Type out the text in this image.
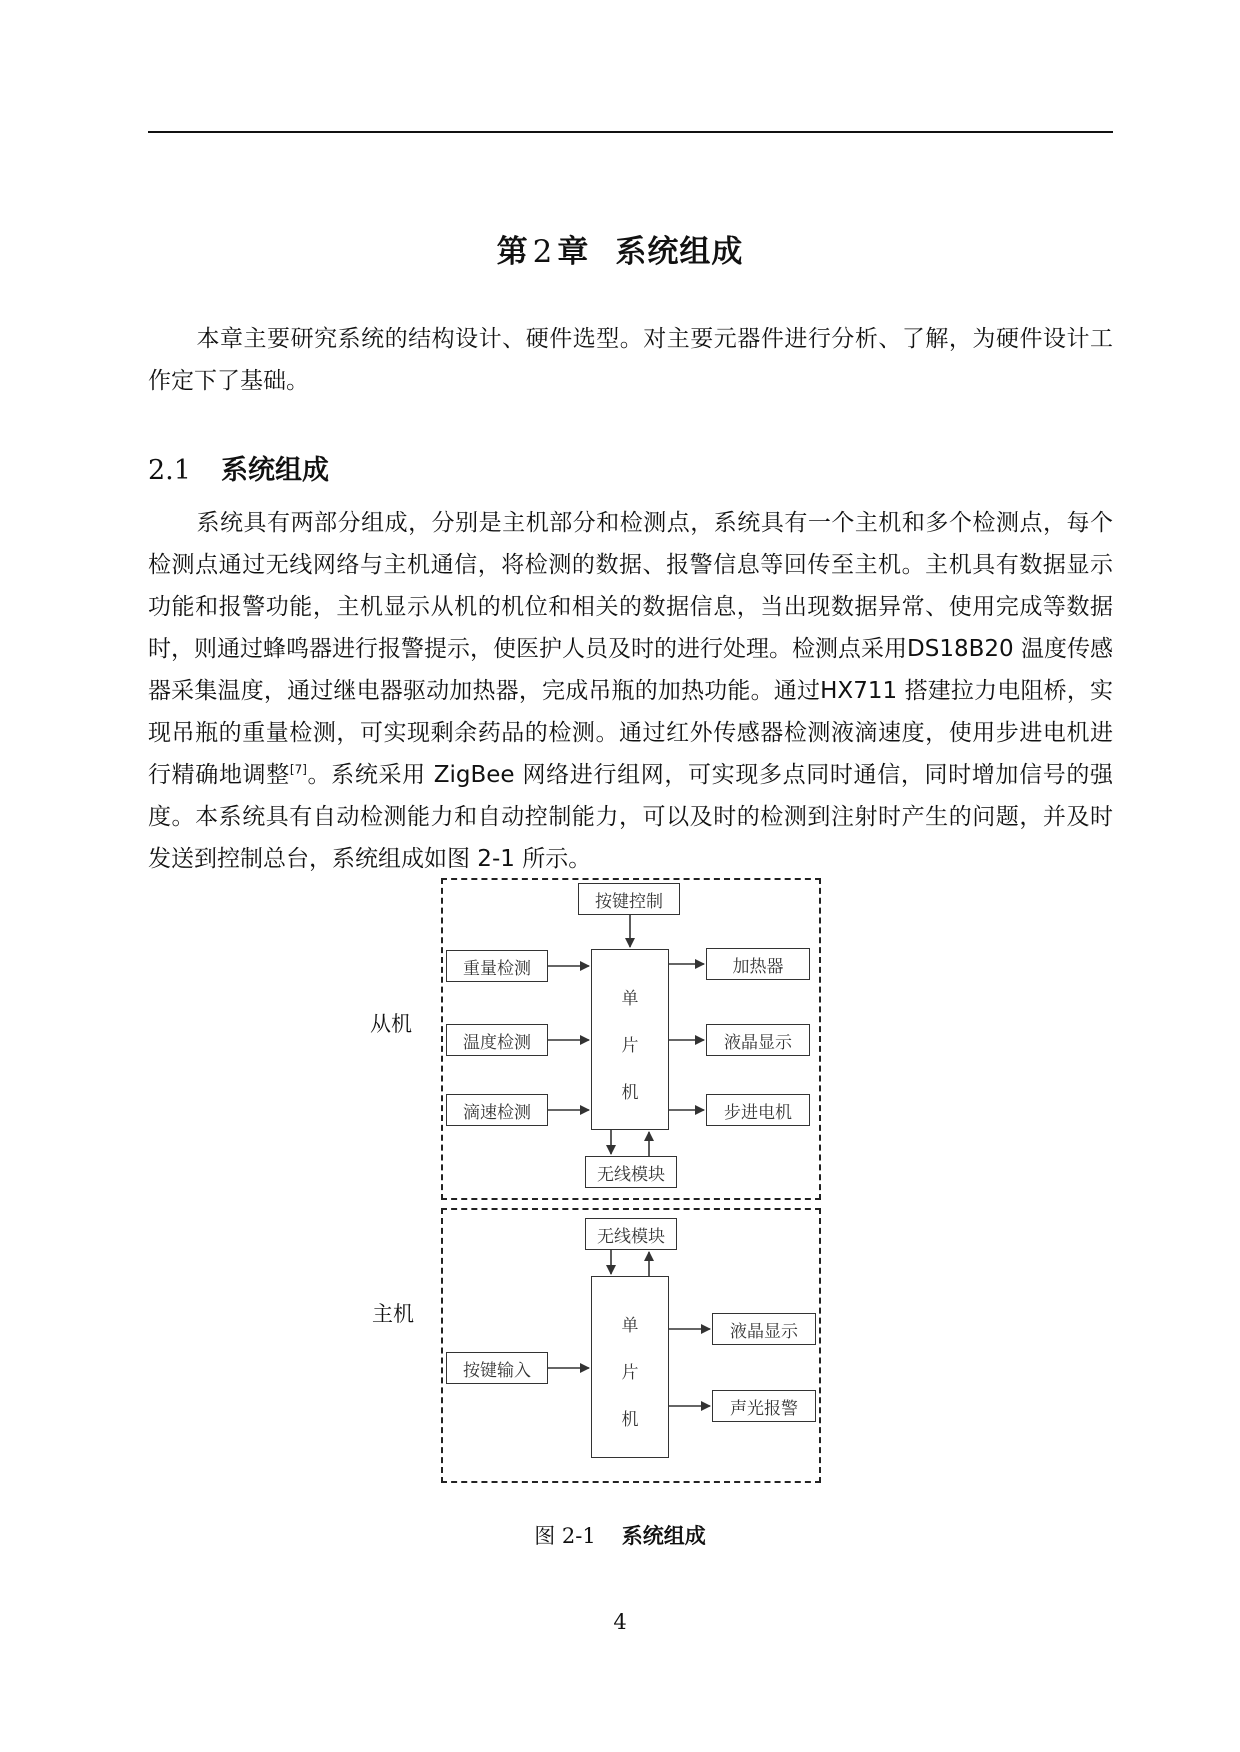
第 2 章 系统组成

本章主要研究系统的结构设计、硬件选型。对主要元器件进行分析、了解，为硬件设计工作定下了基础。

2.1 系统组成

系统具有两部分组成，分别是主机部分和检测点，系统具有一个主机和多个检测点，每个检测点通过无线网络与主机通信，将检测的数据、报警信息等回传至主机。主机具有数据显示功能和报警功能，主机显示从机的机位和相关的数据信息，当出现数据异常、使用完成等数据时，则通过蜂鸣器进行报警提示，使医护人员及时的进行处理。检测点采用DS18B20 温度传感器采集温度，通过继电器驱动加热器，完成吊瓶的加热功能。通过HX711 搭建拉力电阻桥，实现吊瓶的重量检测，可实现剩余药品的检测。通过红外传感器检测液滴速度，使用步进电机进行精确地调整[7]。系统采用 ZigBee 网络进行组网，可实现多点同时通信，同时增加信号的强度。本系统具有自动检测能力和自动控制能力，可以及时的检测到注射时产生的问题，并及时发送到控制总台，系统组成如图 2-1 所示。

从机
主机
按键控制
重量检测
温度检测
滴速检测
单
片
机
加热器
液晶显示
步进电机
无线模块
无线模块
单
片
机
按键输入
液晶显示
声光报警
图 2-1 系统组成
4
